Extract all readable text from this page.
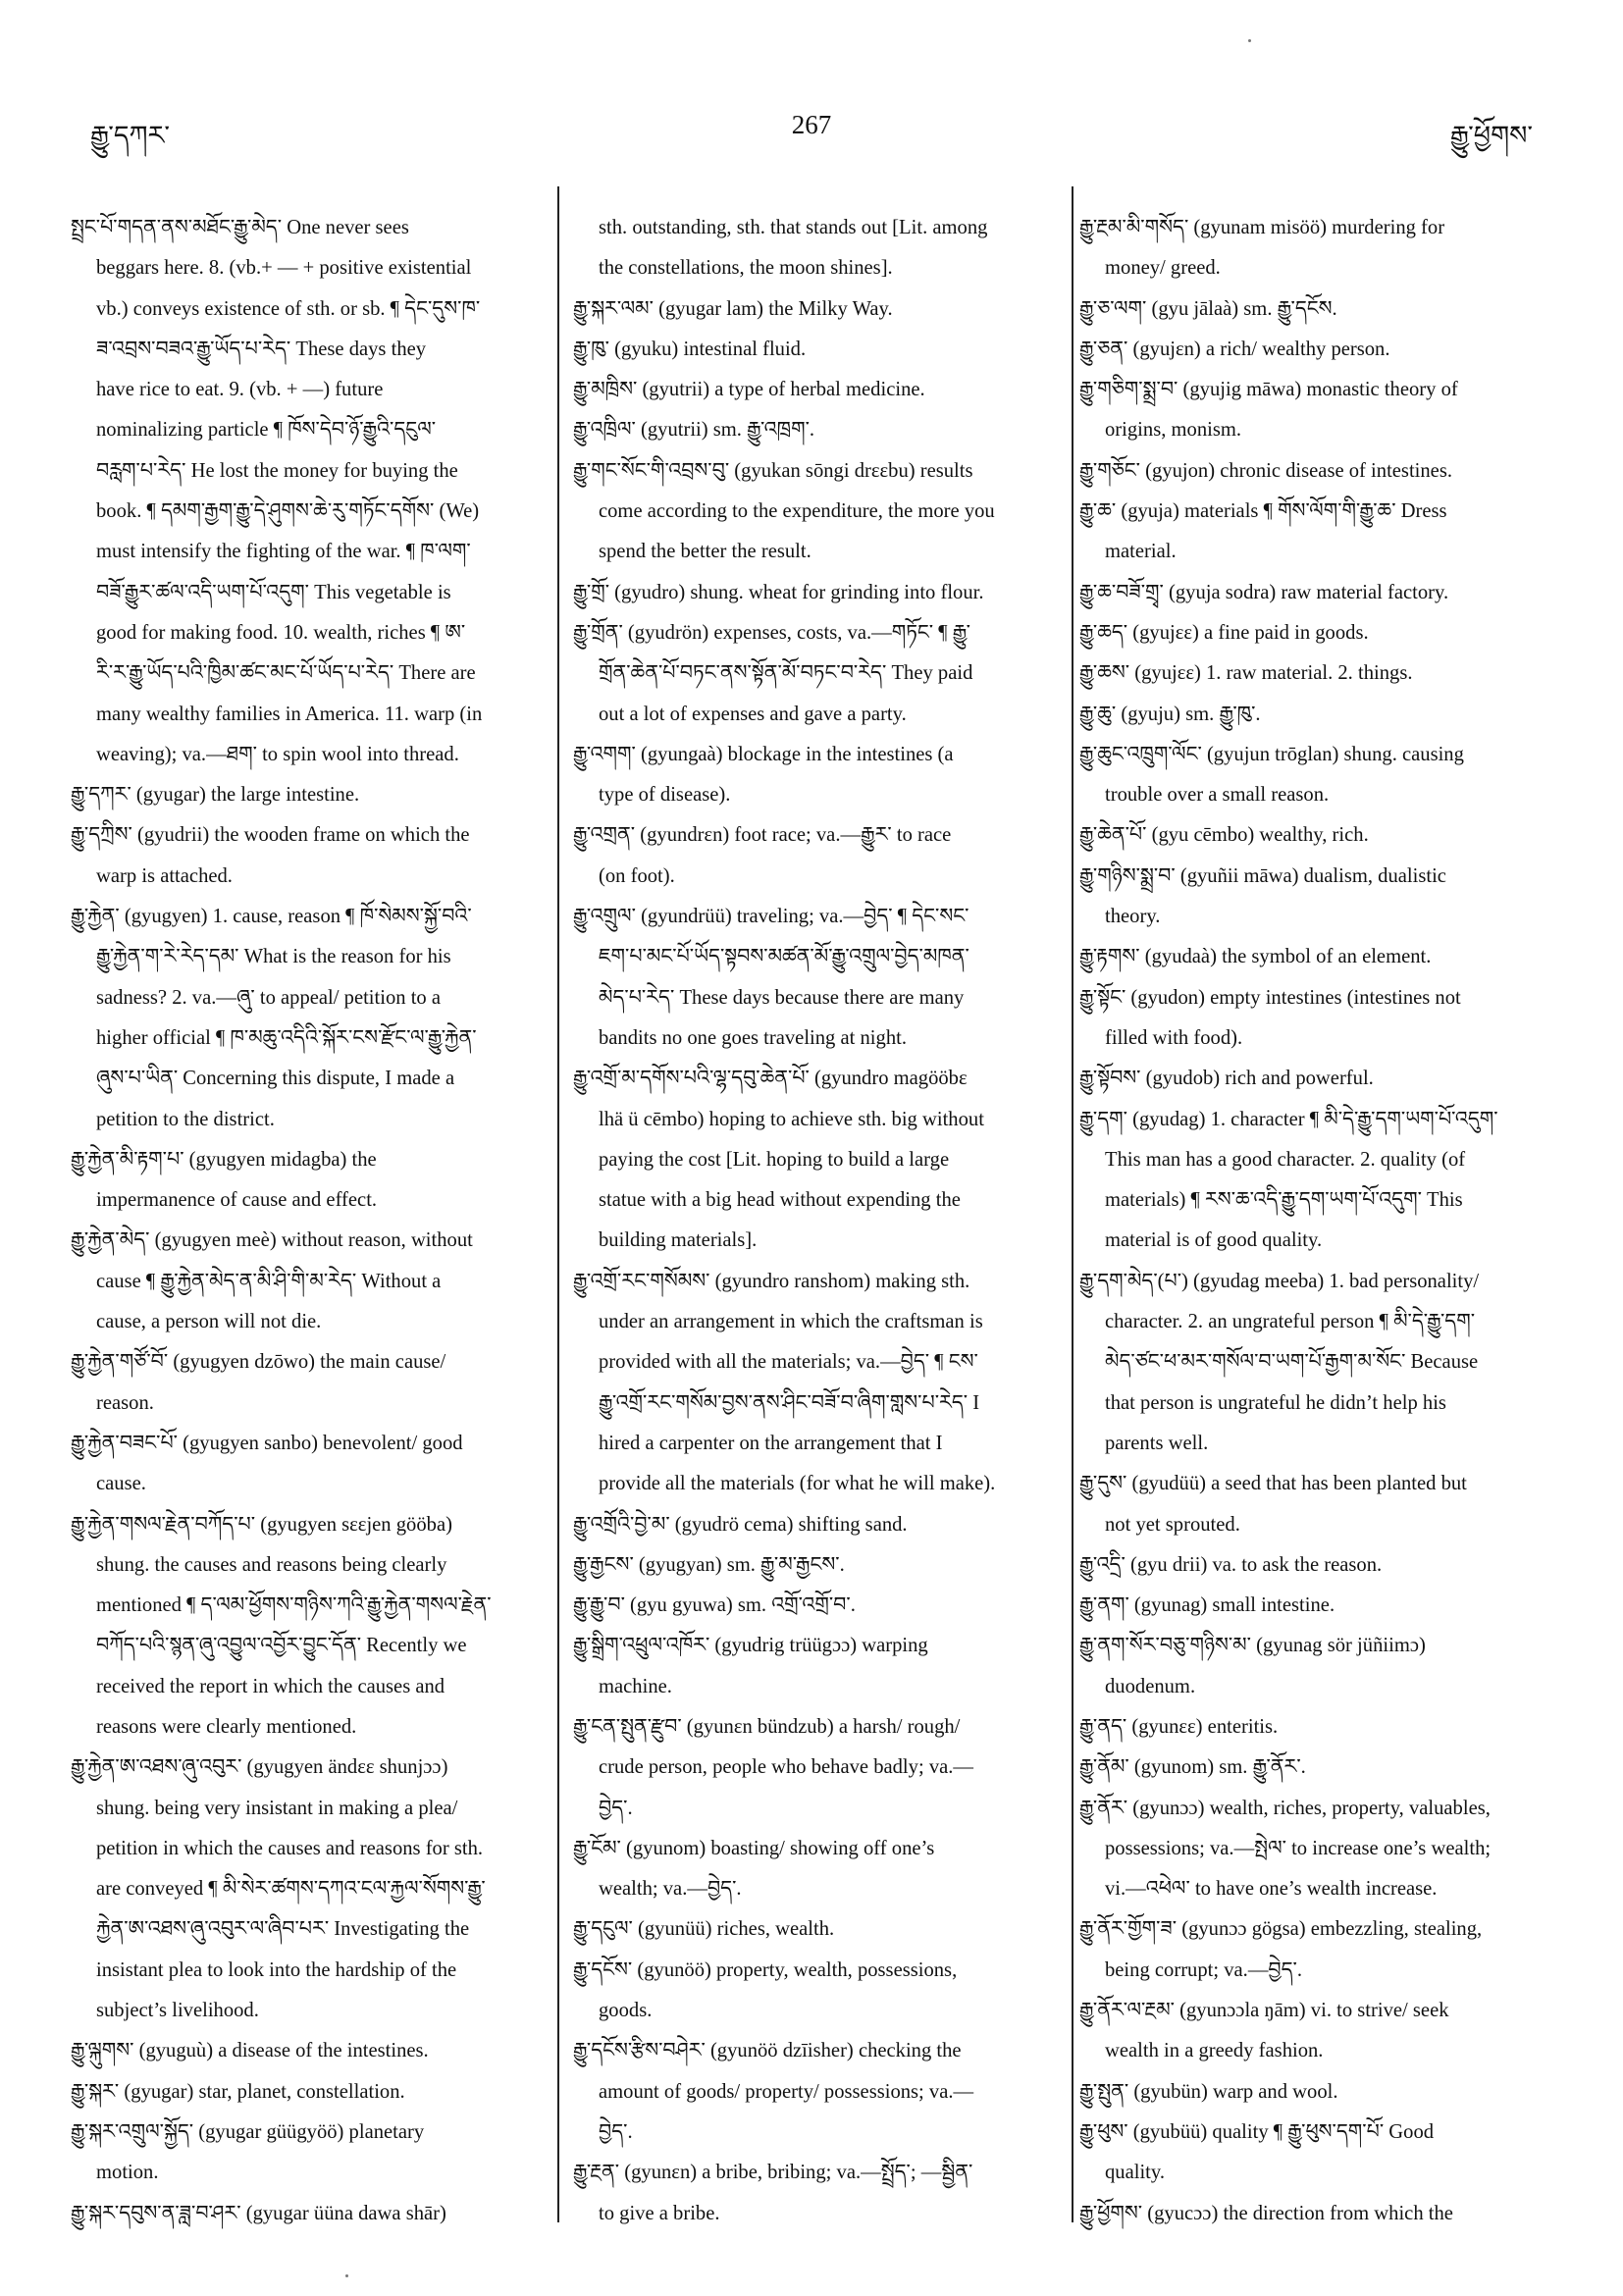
རྒྱུ་དཀར་	267	རྒྱུ་ཕྱོགས་
སྤྲང་པོ་གདན་ནས་མཐོང་རྒྱུ་མེད་ One never sees
beggars here. 8. (vb.+ — + positive existential
vb.) conveys existence of sth. or sb. ¶ དེང་དུས་ཁ་
ཟ་འབྲས་བཟའ་རྒྱུ་ཡོད་པ་རེད་ These days they
have rice to eat. 9. (vb. + —) future
nominalizing particle ¶ ཁོས་དེབ་ཉོ་རྒྱུའི་དངུལ་
བརླག་པ་རེད་ He lost the money for buying the
book. ¶ དམག་རྒྱག་རྒྱུ་དེ་ཤུགས་ཆེ་རུ་གཏོང་དགོས་ (We)
must intensify the fighting of the war. ¶ ཁ་ལག་
བཟོ་རྒྱུར་ཚལ་འདི་ཡག་པོ་འདུག་ This vegetable is
good for making food. 10. wealth, riches ¶ ཨ་
རི་ར་རྒྱུ་ཡོད་པའི་ཁྱིམ་ཚང་མང་པོ་ཡོད་པ་རེད་ There are
many wealthy families in America. 11. warp (in
weaving); va.—ཐག་ to spin wool into thread.
རྒྱུ་དཀར་ (gyugar) the large intestine.
རྒྱུ་དཀྲིས་ (gyudrii) the wooden frame on which the
warp is attached.
རྒྱུ་རྐྱེན་ (gyugyen) 1. cause, reason ¶ ཁོ་སེམས་སྐྱོ་བའི་
རྒྱུ་རྐྱེན་ག་རེ་རེད་དམ་ What is the reason for his
sadness? 2. va.—ཞུ་ to appeal/ petition to a
higher official ¶ ཁ་མཆུ་འདིའི་སྐོར་ངས་རྫོང་ལ་རྒྱུ་རྐྱེན་
ཞུས་པ་ཡིན་ Concerning this dispute, I made a
petition to the district.
རྒྱུ་རྐྱེན་མི་རྟག་པ་ (gyugyen midagba) the
impermanence of cause and effect.
རྒྱུ་རྐྱེན་མེད་ (gyugyen meè) without reason, without
cause ¶ རྒྱུ་རྐྱེན་མེད་ན་མི་ཤི་གི་མ་རེད་ Without a
cause, a person will not die.
རྒྱུ་རྐྱེན་གཙོ་བོ་ (gyugyen dzōwo) the main cause/
reason.
རྒྱུ་རྐྱེན་བཟང་པོ་ (gyugyen sanbo) benevolent/ good
cause.
རྒྱུ་རྐྱེན་གསལ་རྗེན་བཀོད་པ་ (gyugyen sεεjen gööba)
shung. the causes and reasons being clearly
mentioned ¶ ད་ལམ་ཕྱོགས་གཉིས་ཀའི་རྒྱུ་རྐྱེན་གསལ་རྗེན་
བཀོད་པའི་སྙན་ཞུ་འབྱུལ་འབྱོར་བྱུང་དོན་ Recently we
received the report in which the causes and
reasons were clearly mentioned.
རྒྱུ་རྐྱེན་ཨ་འཐས་ཞུ་འབུར་ (gyugyen ändεε shunjɔɔ)
shung. being very insistant in making a plea/
petition in which the causes and reasons for sth.
are conveyed ¶ མི་སེར་ཚགས་དཀའ་ངལ་རྐྱལ་སོགས་རྒྱུ་
རྐྱེན་ཨ་འཐས་ཞུ་འབུར་ལ་ཞིབ་པར་ Investigating the
insistant plea to look into the hardship of the
subject’s livelihood.
རྒྱུ་ལྐུགས་ (gyuguù) a disease of the intestines.
རྒྱུ་སྐར་ (gyugar) star, planet, constellation.
རྒྱུ་སྐར་འགྲུལ་སྐྱོད་ (gyugar güügyöö) planetary
motion.
རྒྱུ་སྐར་དབུས་ན་ཟླ་བ་ཤར་ (gyugar üüna dawa shār)
sth. outstanding, sth. that stands out [Lit. among
the constellations, the moon shines].
རྒྱུ་སྐར་ལམ་ (gyugar lam) the Milky Way.
རྒྱུ་ཁུ་ (gyuku) intestinal fluid.
རྒྱུ་མཁྲིས་ (gyutrii) a type of herbal medicine.
རྒྱུ་འཁྲིལ་ (gyutrii) sm. རྒྱུ་འཁྲག་.
རྒྱུ་གང་སོང་གི་འབྲས་བུ་ (gyukan sōngi drεεbu) results
come according to the expenditure, the more you
spend the better the result.
རྒྱུ་གྲོ་ (gyudro) shung. wheat for grinding into flour.
རྒྱུ་གྲོན་ (gyudrön) expenses, costs, va.—གཏོང་ ¶ རྒྱུ་
གྲོན་ཆེན་པོ་བཏང་ནས་སྟོན་མོ་བཏང་བ་རེད་ They paid
out a lot of expenses and gave a party.
རྒྱུ་འགག་ (gyungaà) blockage in the intestines (a
type of disease).
རྒྱུ་འགྲན་ (gyundrεn) foot race; va.—རྒྱུར་ to race
(on foot).
རྒྱུ་འགྲུལ་ (gyundrüü) traveling; va.—བྱེད་ ¶ དེང་སང་
ཇག་པ་མང་པོ་ཡོད་སྟབས་མཚན་མོ་རྒྱུ་འགྲུལ་བྱེད་མཁན་
མེད་པ་རེད་ These days because there are many
bandits no one goes traveling at night.
རྒྱུ་འགྲོ་མ་དགོས་པའི་ལྷ་དབུ་ཆེན་པོ་ (gyundro magööbε
lhä ü cēmbo) hoping to achieve sth. big without
paying the cost [Lit. hoping to build a large
statue with a big head without expending the
building materials].
རྒྱུ་འགྲོ་རང་གསོམས་ (gyundro ranshom) making sth.
under an arrangement in which the craftsman is
provided with all the materials; va.—བྱེད་ ¶ ངས་
རྒྱུ་འགྲོ་རང་གསོམ་བྱས་ནས་ཤིང་བཟོ་བ་ཞིག་གླས་པ་རེད་ I
hired a carpenter on the arrangement that I
provide all the materials (for what he will make).
རྒྱུ་འགྲོའི་བྱེ་མ་ (gyudrö cema) shifting sand.
རྒྱུ་རྒྱངས་ (gyugyan) sm. རྒྱུ་མ་རྒྱངས་.
རྒྱུ་རྒྱུ་བ་ (gyu gyuwa) sm. འགྲོ་འགྲོ་བ་.
རྒྱུ་སྒྲིག་འཕྲུལ་འཁོར་ (gyudrig trüügɔɔ) warping
machine.
རྒྱུ་ངན་སྤུན་རྫུབ་ (gyunεn bündzub) a harsh/ rough/
crude person, people who behave badly; va.—
བྱེད་.
རྒྱུ་ངོམ་ (gyunom) boasting/ showing off one’s
wealth; va.—བྱེད་.
རྒྱུ་དངུལ་ (gyunüü) riches, wealth.
རྒྱུ་དངོས་ (gyunöö) property, wealth, possessions,
goods.
རྒྱུ་དངོས་རྩིས་བཤེར་ (gyunöö dzīisher) checking the
amount of goods/ property/ possessions; va.—
བྱེད་.
རྒྱུ་རྔན་ (gyunεn) a bribe, bribing; va.—སྤྲོད་; —སྦྱིན་
to give a bribe.
རྒྱུ་རྔམ་མི་གསོད་ (gyunam misöö) murdering for
money/ greed.
རྒྱུ་ཅ་ལག་ (gyu jālaà) sm. རྒྱུ་དངོས.
རྒྱུ་ཅན་ (gyujεn) a rich/ wealthy person.
རྒྱུ་གཅིག་སྨྲ་བ་ (gyujig māwa) monastic theory of
origins, monism.
རྒྱུ་གཅོང་ (gyujon) chronic disease of intestines.
རྒྱུ་ཆ་ (gyuja) materials ¶ གོས་ལོག་གི་རྒྱུ་ཆ་ Dress
material.
རྒྱུ་ཆ་བཟོ་གྲྭ་ (gyuja sodra) raw material factory.
རྒྱུ་ཆད་ (gyujεε) a fine paid in goods.
རྒྱུ་ཆས་ (gyujεε) 1. raw material. 2. things.
རྒྱུ་ཆུ་ (gyuju) sm. རྒྱུ་ཁུ་.
རྒྱུ་ཆུང་འཁྲུག་ལོང་ (gyujun trōglan) shung. causing
trouble over a small reason.
རྒྱུ་ཆེན་པོ་ (gyu cēmbo) wealthy, rich.
རྒྱུ་གཉིས་སྨྲ་བ་ (gyuñii māwa) dualism, dualistic
theory.
རྒྱུ་རྟགས་ (gyudaà) the symbol of an element.
རྒྱུ་སྟོང་ (gyudon) empty intestines (intestines not
filled with food).
རྒྱུ་སྟོབས་ (gyudob) rich and powerful.
རྒྱུ་དག་ (gyudag) 1. character ¶ མི་དེ་རྒྱུ་དག་ཡག་པོ་འདུག་
This man has a good character. 2. quality (of
materials) ¶ རས་ཆ་འདི་རྒྱུ་དག་ཡག་པོ་འདུག་ This
material is of good quality.
རྒྱུ་དག་མེད་(པ་) (gyudag meeba) 1. bad personality/
character. 2. an ungrateful person ¶ མི་དེ་རྒྱུ་དག་
མེད་ཙང་ཕ་མར་གསོལ་བ་ཡག་པོ་རྒྱག་མ་སོང་ Because
that person is ungrateful he didn’t help his
parents well.
རྒྱུ་དུས་ (gyudüü) a seed that has been planted but
not yet sprouted.
རྒྱུ་འདྲི་ (gyu drii) va. to ask the reason.
རྒྱུ་ནག་ (gyunag) small intestine.
རྒྱུ་ནག་སོར་བཅུ་གཉིས་མ་ (gyunag sör jüñiimɔ)
duodenum.
རྒྱུ་ནད་ (gyunεε) enteritis.
རྒྱུ་ནོམ་ (gyunom) sm. རྒྱུ་ནོར་.
རྒྱུ་ནོར་ (gyunɔɔ) wealth, riches, property, valuables,
possessions; va.—སྤེལ་ to increase one’s wealth;
vi.—འཕེལ་ to have one’s wealth increase.
རྒྱུ་ནོར་གྱོག་ཟ་ (gyunɔɔ gögsa) embezzling, stealing,
being corrupt; va.—བྱེད་.
རྒྱུ་ནོར་ལ་རྔམ་ (gyunɔɔla ŋām) vi. to strive/ seek
wealth in a greedy fashion.
རྒྱུ་སྤུན་ (gyubün) warp and wool.
རྒྱུ་ཕུས་ (gyubüü) quality ¶ རྒྱུ་ཕུས་དག་པོ་ Good
quality.
རྒྱུ་ཕྱོགས་ (gyucɔɔ) the direction from which the
